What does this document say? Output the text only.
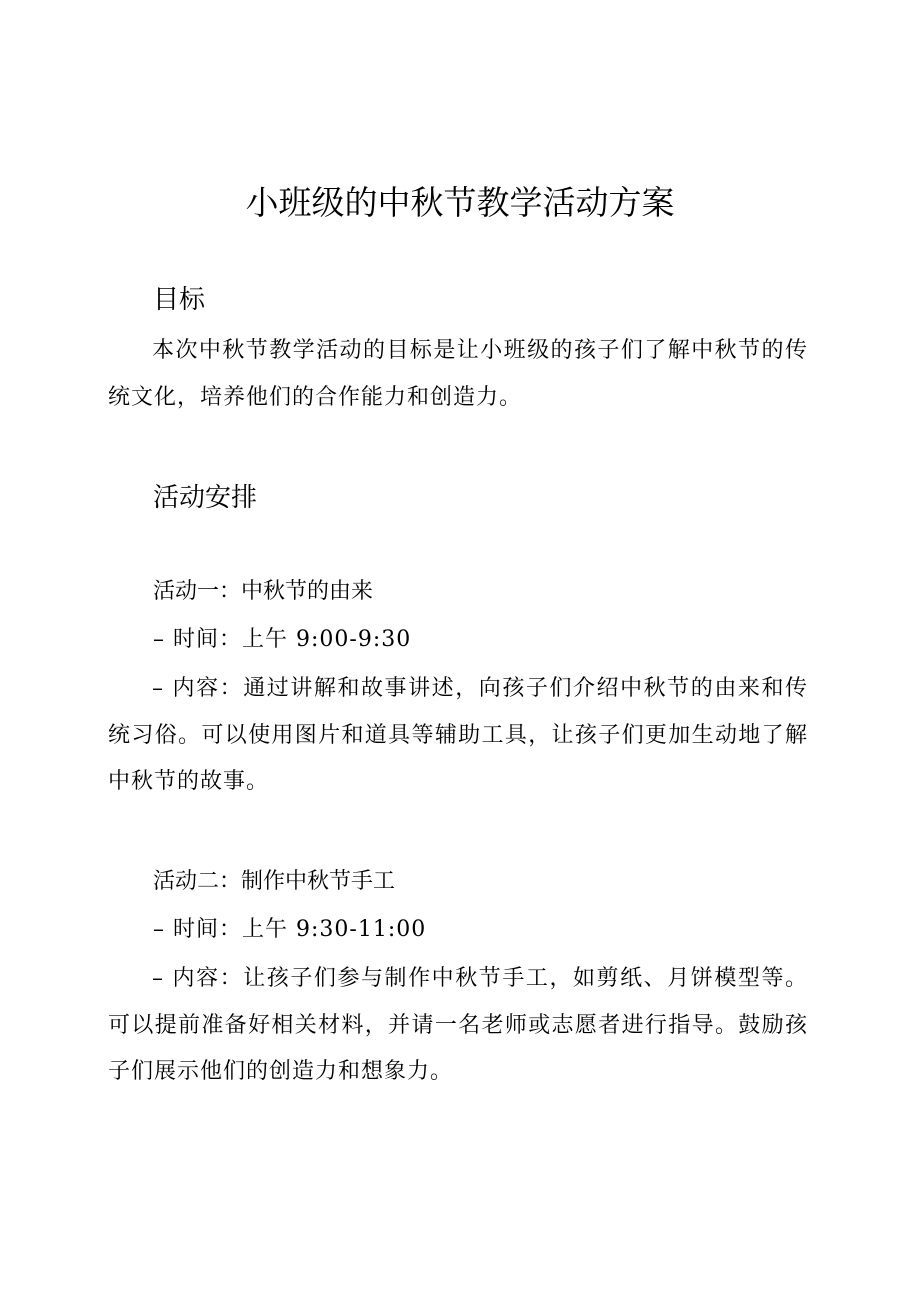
小班级的中秋节教学活动方案
目标
本次中秋节教学活动的目标是让小班级的孩子们了解中秋节的传统文化，培养他们的合作能力和创造力。
活动安排
活动一：中秋节的由来
– 时间：上午 9:00-9:30
– 内容：通过讲解和故事讲述，向孩子们介绍中秋节的由来和传统习俗。可以使用图片和道具等辅助工具，让孩子们更加生动地了解中秋节的故事。
活动二：制作中秋节手工
– 时间：上午 9:30-11:00
– 内容：让孩子们参与制作中秋节手工，如剪纸、月饼模型等。可以提前准备好相关材料，并请一名老师或志愿者进行指导。鼓励孩子们展示他们的创造力和想象力。
